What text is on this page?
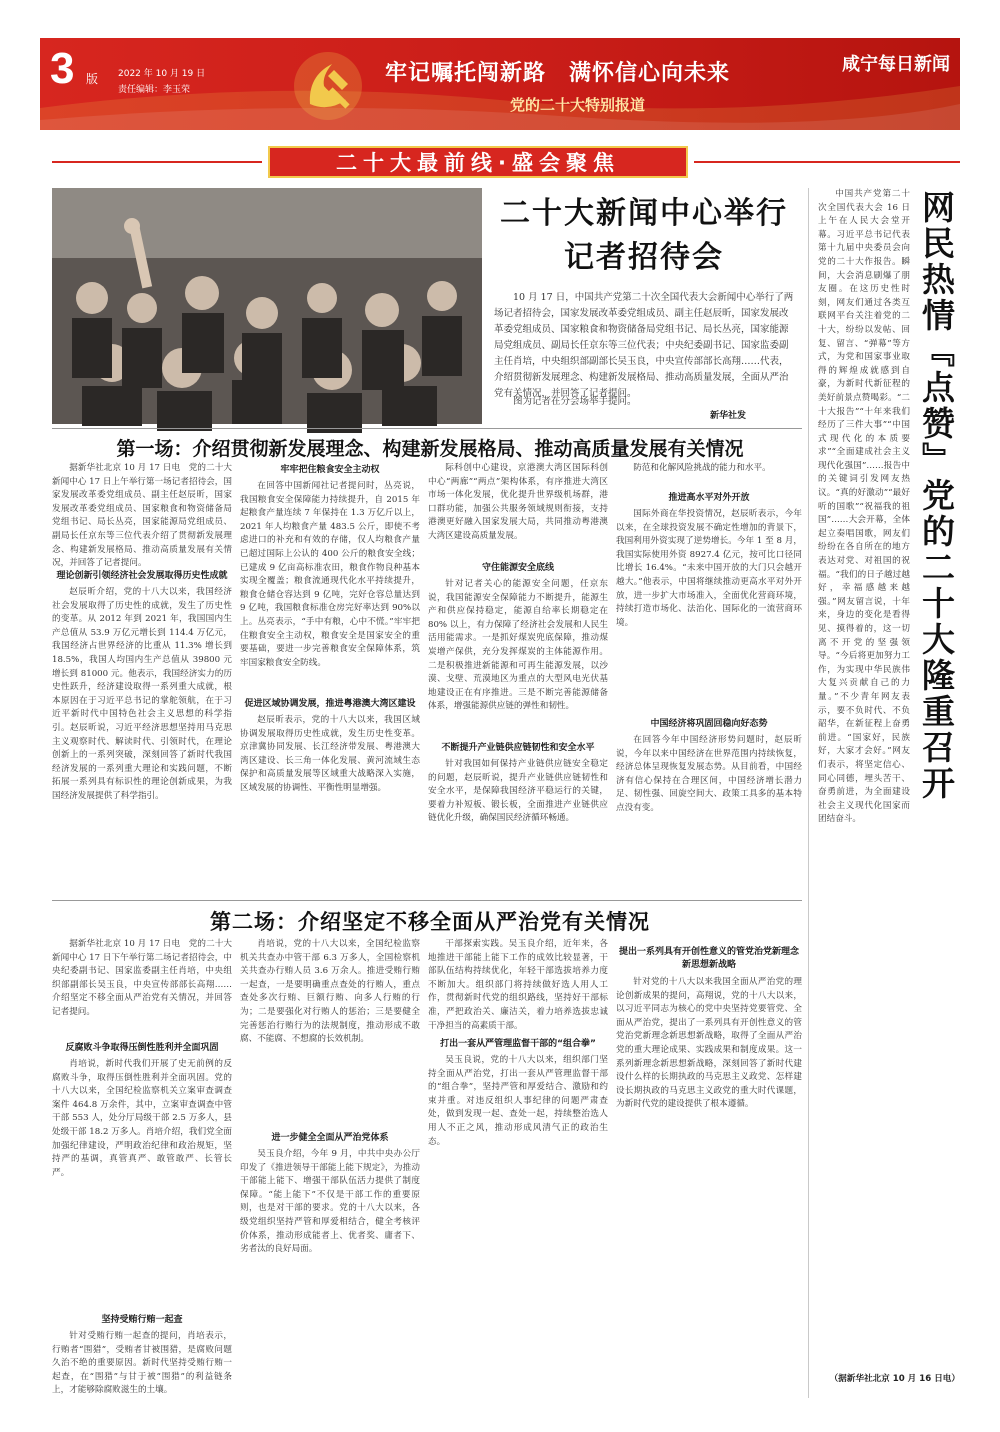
3 版 2022 年 10 月 19 日
责任编辑：李玉荣
牢记嘱托闯新路　满怀信心向未来
党的二十大特别报道
咸宁每日新闻
二十大最前线·盛会聚焦
二十大新闻中心举行记者招待会
10 月 17 日，中国共产党第二十次全国代表大会新闻中心举行了两场记者招待会，国家发展改革委党组成员、副主任赵辰昕，国家发展改革委党组成员、国家粮食和物资储备局党组书记、局长丛亮，国家能源局党组成员、副局长任京东等三位代表；中央纪委副书记、国家监委副主任肖培，中央组织部副部长吴玉良，中央宣传部部长高翔……代表，介绍贯彻新发展理念、构建新发展格局、推动高质量发展，全面从严治党有关情况，并回答了记者提问。
图为记者在分会场举手提问。
新华社发
第一场：介绍贯彻新发展理念、构建新发展格局、推动高质量发展有关情况
据新华社北京 10 月 17 日电　党的二十大新闻中心 17 日上午举行第一场记者招待会，国家发展改革委党组成员、副主任赵辰昕，国家发展改革委党组成员、国家粮食和物资储备局党组书记、局长丛亮，国家能源局党组成员、副局长任京东等三位代表介绍了贯彻新发展理念、构建新发展格局、推动高质量发展有关情况，并回答了记者提问。
理论创新引领经济社会发展取得历史性成就
赵辰昕介绍，党的十八大以来，我国经济社会发展取得了历史性的成就，发生了历史性的变革。从 2012 年到 2021 年，我国国内生产总值从 53.9 万亿元增长到 114.4 万亿元，我国经济占世界经济的比重从 11.3% 增长到 18.5%，我国人均国内生产总值从 39800 元增长到 81000 元。他表示，我国经济实力的历史性跃升，经济建设取得一系列重大成就，根本原因在于习近平总书记的掌舵领航，在于习近平新时代中国特色社会主义思想的科学指引。赵辰昕说，习近平经济思想坚持用马克思主义观察时代、解读时代、引领时代，在理论创新上的一系列突破，深刻回答了新时代我国经济发展的一系列重大理论和实践问题，不断拓展一系列具有标识性的理论创新成果，为我国经济发展提供了科学指引。
牢牢把住粮食安全主动权
在回答中国新闻社记者提问时，丛亮说，我国粮食安全保障能力持续提升，自 2015 年起粮食产量连续 7 年保持在 1.3 万亿斤以上，2021 年人均粮食产量 483.5 公斤，即使不考虑进口的补充和有效的存储，仅人均粮食产量已超过国际上公认的 400 公斤的粮食安全线；已建成 9 亿亩高标准农田，粮食作物良种基本实现全覆盖；粮食流通现代化水平持续提升，粮食仓储仓容达到 9 亿吨，完好仓容总量达到 9 亿吨，我国粮食标准仓房完好率达到 90%以上。丛亮表示，“手中有粮，心中不慌。”牢牢把住粮食安全主动权，粮食安全是国家安全的重要基础，要进一步完善粮食安全保障体系，筑牢国家粮食安全防线。
促进区域协调发展，推进粤港澳大湾区建设
赵辰昕表示，党的十八大以来，我国区域协调发展取得历史性成就，发生历史性变革。京津冀协同发展、长江经济带发展、粤港澳大湾区建设、长三角一体化发展、黄河流域生态保护和高质量发展等区域重大战略深入实施，区域发展的协调性、平衡性明显增强。
际科创中心建设，京港澳大湾区国际科创中心“两廊”“两点”架构体系，有序推进大湾区市场一体化发展，优化提升世界级机场群，港口群功能，加强公共服务领域规则衔接，支持港澳更好融入国家发展大局，共同推动粤港澳大湾区建设高质量发展。
守住能源安全底线
针对记者关心的能源安全问题，任京东说，我国能源安全保障能力不断提升，能源生产和供应保持稳定，能源自给率长期稳定在 80% 以上，有力保障了经济社会发展和人民生活用能需求。一是抓好煤炭兜底保障，推动煤炭增产保供，充分发挥煤炭的主体能源作用。二是积极推进新能源和可再生能源发展，以沙漠、戈壁、荒漠地区为重点的大型风电光伏基地建设正在有序推进。三是不断完善能源储备体系，增强能源供应链的弹性和韧性。
不断提升产业链供应链韧性和安全水平
针对我国如何保持产业链供应链安全稳定的问题，赵辰昕说，提升产业链供应链韧性和安全水平，是保障我国经济平稳运行的关键，要着力补短板、锻长板，全面推进产业链供应链优化升级，确保国民经济循环畅通。
防范和化解风险挑战的能力和水平。
推进高水平对外开放
国际外商在华投资情况，赵辰昕表示，今年以来，在全球投资发展不确定性增加的背景下，我国利用外资实现了逆势增长。今年 1 至 8 月，我国实际使用外资 8927.4 亿元，按可比口径同比增长 16.4%。“未来中国开放的大门只会越开越大。”他表示，中国将继续推动更高水平对外开放，进一步扩大市场准入，全面优化营商环境，持续打造市场化、法治化、国际化的一流营商环境。
中国经济将巩固回稳向好态势
在回答今年中国经济形势问题时，赵辰昕说，今年以来中国经济在世界范围内持续恢复，经济总体呈现恢复发展态势。从目前看，中国经济有信心保持在合理区间，中国经济增长潜力足、韧性强、回旋空间大、政策工具多的基本特点没有变。
第二场：介绍坚定不移全面从严治党有关情况
据新华社北京 10 月 17 日电　党的二十大新闻中心 17 日下午举行第二场记者招待会，中央纪委副书记、国家监委副主任肖培，中央组织部副部长吴玉良，中央宣传部部长高翔……介绍坚定不移全面从严治党有关情况，并回答记者提问。
反腐败斗争取得压倒性胜利并全面巩固
肖培说，新时代我们开展了史无前例的反腐败斗争，取得压倒性胜利并全面巩固。党的十八大以来，全国纪检监察机关立案审查调查案件 464.8 万余件，其中，立案审查调查中管干部 553 人，处分厅局级干部 2.5 万多人，县处级干部 18.2 万多人。肖培介绍，我们党全面加强纪律建设，严明政治纪律和政治规矩，坚持严的基调，真管真严、敢管敢严、长管长严。
坚持受贿行贿一起查
针对受贿行贿一起查的提问，肖培表示，行贿者“围猎”，受贿者甘被围猎，是腐败问题久治不绝的重要原因。新时代坚持受贿行贿一起查，在“围猎”与甘于被“围猎”的利益链条上，才能够除腐败滋生的土壤。
肖培说，党的十八大以来，全国纪检监察机关共查办中管干部 6.3 万多人，全国检察机关共查办行贿人员 3.6 万余人。推进受贿行贿一起查，一是要明确重点查处的行贿人，重点查处多次行贿、巨额行贿、向多人行贿的行为；二是要强化对行贿人的惩治；三是要健全完善惩治行贿行为的法规制度，推动形成不敢腐、不能腐、不想腐的长效机制。
进一步健全全面从严治党体系
吴玉良介绍，今年 9 月，中共中央办公厅印发了《推进领导干部能上能下规定》，为推动干部能上能下、增强干部队伍活力提供了制度保障。“能上能下”不仅是干部工作的重要原则，也是对干部的要求。党的十八大以来，各级党组织坚持严管和厚爱相结合，健全考核评价体系，推动形成能者上、优者奖、庸者下、劣者汰的良好局面。
干部探索实践。吴玉良介绍，近年来，各地推进干部能上能下工作的成效比较显著，干部队伍结构持续优化，年轻干部选拔培养力度不断加大。组织部门将持续做好选人用人工作，贯彻新时代党的组织路线，坚持好干部标准，严把政治关、廉洁关，着力培养选拔忠诚干净担当的高素质干部。
打出一套从严管理监督干部的“组合拳”
吴玉良说，党的十八大以来，组织部门坚持全面从严治党，打出一套从严管理监督干部的“组合拳”，坚持严管和厚爱结合、激励和约束并重。对违反组织人事纪律的问题严肃查处，做到发现一起、查处一起，持续整治选人用人不正之风，推动形成风清气正的政治生态。
提出一系列具有开创性意义的管党治党新理念新思想新战略
针对党的十八大以来我国全面从严治党的理论创新成果的提问，高翔说，党的十八大以来，以习近平同志为核心的党中央坚持党要管党、全面从严治党，提出了一系列具有开创性意义的管党治党新理念新思想新战略，取得了全面从严治党的重大理论成果、实践成果和制度成果。这一系列新理念新思想新战略，深刻回答了新时代建设什么样的长期执政的马克思主义政党、怎样建设长期执政的马克思主义政党的重大时代课题，为新时代党的建设提供了根本遵循。
中国共产党第二十次全国代表大会 16 日上午在人民大会堂开幕。习近平总书记代表第十九届中央委员会向党的二十大作报告。瞬间，大会消息刷爆了朋友圈。在这历史性时刻，网友们通过各类互联网平台关注着党的二十大，纷纷以发帖、回复、留言、“弹幕”等方式，为党和国家事业取得的辉煌成就感到自豪，为新时代新征程的美好前景点赞喝彩。“二十大报告”“十年来我们经历了三件大事”“中国式现代化的本质要求”“全面建成社会主义现代化强国”……报告中的关键词引发网友热议。“真的好激动”“最好听的国歌”“祝福我的祖国”……大会开幕，全体起立奏唱国歌，网友们纷纷在各自所在的地方表达对党、对祖国的祝福。“我们的日子越过越好，幸福感越来越强。”网友留言说，十年来，身边的变化是看得见、摸得着的，这一切离不开党的坚强领导。“今后将更加努力工作，为实现中华民族伟大复兴贡献自己的力量。”不少青年网友表示，要不负时代、不负韶华，在新征程上奋勇前进。“国家好，民族好，大家才会好。”网友们表示，将坚定信心、同心同德，埋头苦干、奋勇前进，为全面建设社会主义现代化国家而团结奋斗。
网民热情『点赞』党的二十大隆重召开
（据新华社北京 10 月 16 日电）
